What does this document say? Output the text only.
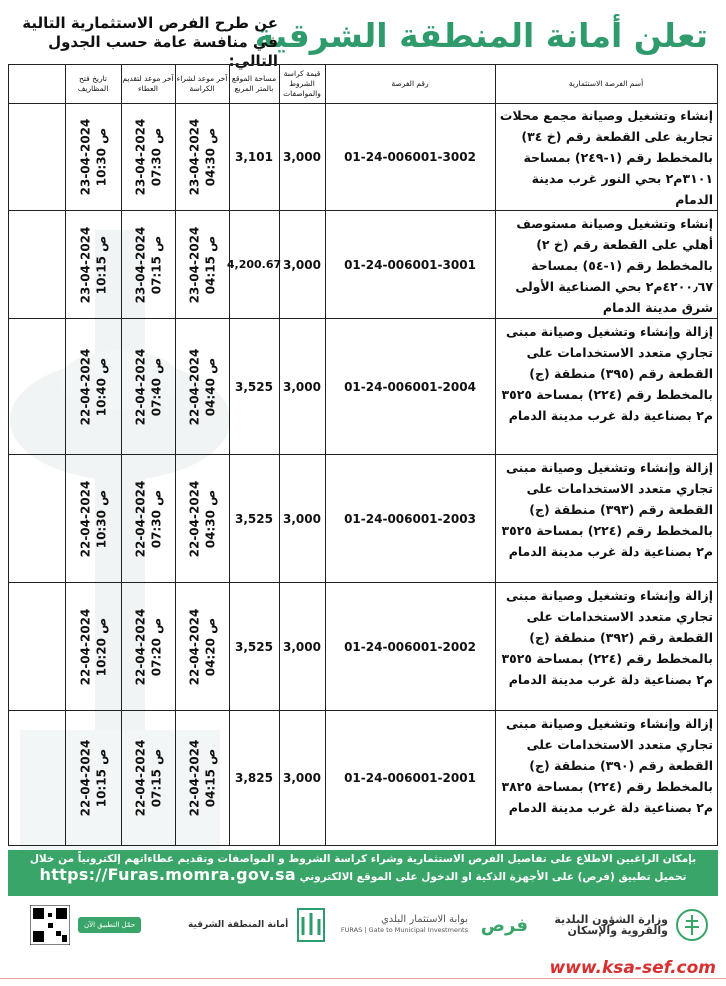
تعلن أمانة المنطقة الشرقية
عن طرح الفرص الاستثمارية التالية
في منافسة عامة حسب الجدول التالي:
أسم الفرصة الاستثمارية
رقم الفرصة
قيمة كراسة الشروط والمواصفات
مساحة الموقع بالمتر المربع
آخر موعد لشراء الكراسة
آخر موعد لتقديم العطاء
تاريخ فتح المظاريف
إنشاء وتشغيل وصيانة مجمع محلات تجارية على القطعة رقم (خ ٣٤) بالمخطط رقم (١-٢٤٩) بمساحة ٣١٠١م٢ بحي النور غرب مدينة الدمام
01-24-006001-3002
3,000
3,101
23-04-2024 04:30 ص
23-04-2024 07:30 ص
23-04-2024 10:30 ص
إنشاء وتشغيل وصيانة مستوصف أهلي على القطعة رقم (خ ٢) بالمخطط رقم (١-٥٤) بمساحة ٤٢٠٠٫٦٧م٢ بحي الصناعية الأولى شرق مدينة الدمام
01-24-006001-3001
3,000
4,200.67
23-04-2024 04:15 ص
23-04-2024 07:15 ص
23-04-2024 10:15 ص
إزالة وإنشاء وتشغيل وصيانة مبنى تجاري متعدد الاستخدامات على القطعة رقم (٣٩٥) منطقة (ج) بالمخطط رقم (٢٢٤) بمساحة ٣٥٢٥ م٢ بصناعية دلة غرب مدينة الدمام
01-24-006001-2004
3,000
3,525
22-04-2024 04:40 ص
22-04-2024 07:40 ص
22-04-2024 10:40 ص
إزالة وإنشاء وتشغيل وصيانة مبنى تجاري متعدد الاستخدامات على القطعة رقم (٣٩٣) منطقة (ج) بالمخطط رقم (٢٢٤) بمساحة ٣٥٢٥ م٢ بصناعية دلة غرب مدينة الدمام
01-24-006001-2003
3,000
3,525
22-04-2024 04:30 ص
22-04-2024 07:30 ص
22-04-2024 10:30 ص
إزالة وإنشاء وتشغيل وصيانة مبنى تجاري متعدد الاستخدامات على القطعة رقم (٣٩٢) منطقة (ج) بالمخطط رقم (٢٢٤) بمساحة ٣٥٢٥ م٢ بصناعية دلة غرب مدينة الدمام
01-24-006001-2002
3,000
3,525
22-04-2024 04:20 ص
22-04-2024 07:20 ص
22-04-2024 10:20 ص
إزالة وإنشاء وتشغيل وصيانة مبنى تجاري متعدد الاستخدامات على القطعة رقم (٣٩٠) منطقة (ج) بالمخطط رقم (٢٢٤) بمساحة ٣٨٢٥ م٢ بصناعية دلة غرب مدينة الدمام
01-24-006001-2001
3,000
3,825
22-04-2024 04:15 ص
22-04-2024 07:15 ص
22-04-2024 10:15 ص
بإمكان الراغبين الاطلاع على تفاصيل الفرص الاستثمارية وشراء كراسة الشروط و المواصفات وتقديم عطاءاتهم إلكترونياً من خلال
تحميل تطبيق (فرص) على الأجهزة الذكية او الدخول على الموقع الالكتروني https://Furas.momra.gov.sa
وزارة الشؤون البلدية
والقروية والإسكان
فرص
بوابة الاستثمار البلدي
FURAS | Gate to Municipal Investments
أمانة المنطقة الشرقية
حمّل التطبيق الآن
www.ksa-sef.com
